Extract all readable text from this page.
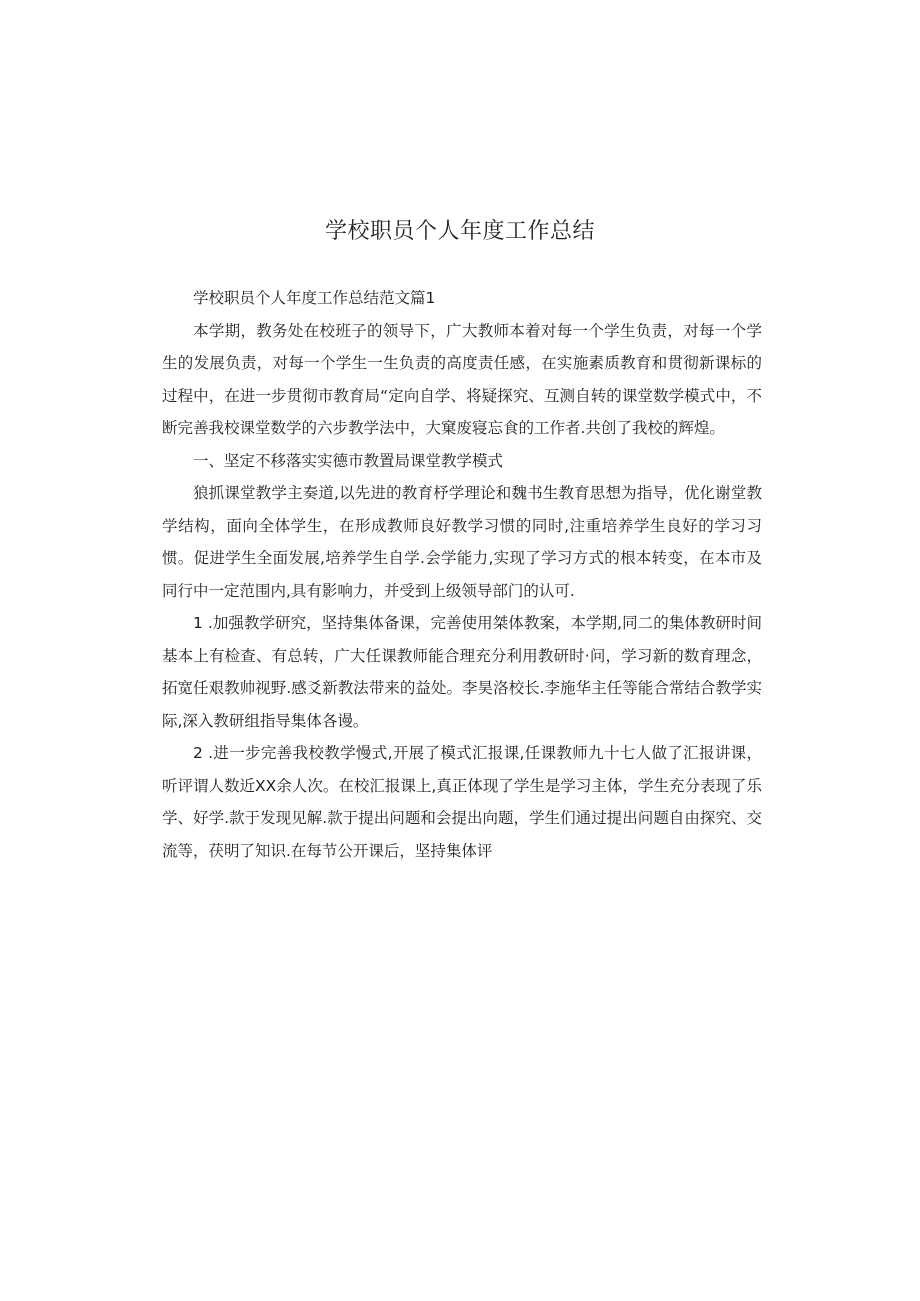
学校职员个人年度工作总结

学校职员个人年度工作总结范文篇1

本学期，教务处在校班子的领导下，广大教师本着对每一个学生负责，对每一个学生的发展负责，对每一个学生一生负责的高度责任感，在实施素质教育和贯彻新课标的过程中，在进一步贯彻市教育局“定向自学、将疑探究、互测自转的课堂数学模式中，不断完善我校课堂数学的六步教学法中，大窠废寝忘食的工作者.共创了我校的辉煌。

一、坚定不移落实实德市教置局课堂教学模式

狼抓课堂教学主奏道,以先进的教育杼学理论和魏书生教育思想为指导，优化谢堂教学结构，面向全体学生，在形成教师良好教学习惯的同时,注重培养学生良好的学习习惯。促进学生全面发展,培养学生自学.会学能力,实现了学习方式的根本转变，在本市及同行中一定范围内,具有影响力，并受到上级领导部门的认可.

1 .加强教学研究，坚持集体备课，完善使用桀体教案，本学期,同二的集体教研时间基本上有检查、有总转，广大任课教师能合理充分利用教研时·问，学习新的数育理念，拓宽任艰教帅视野.感爻新教法带来的益处。李昊洛校长.李施华主任等能合常结合教学实际,深入教研组指导集体各谩。

2 .进一步完善我校教学慢式,开展了模式汇报课,任课教师九十七人做了汇报讲课，听评谓人数近XX余人次。在校汇报课上,真正体现了学生是学习主体，学生充分表现了乐学、好学.款于发现见解.款于提出问题和会提出向题，学生们通过提出问题自由探究、交流等，茯明了知识.在每节公开课后，坚持集体评
